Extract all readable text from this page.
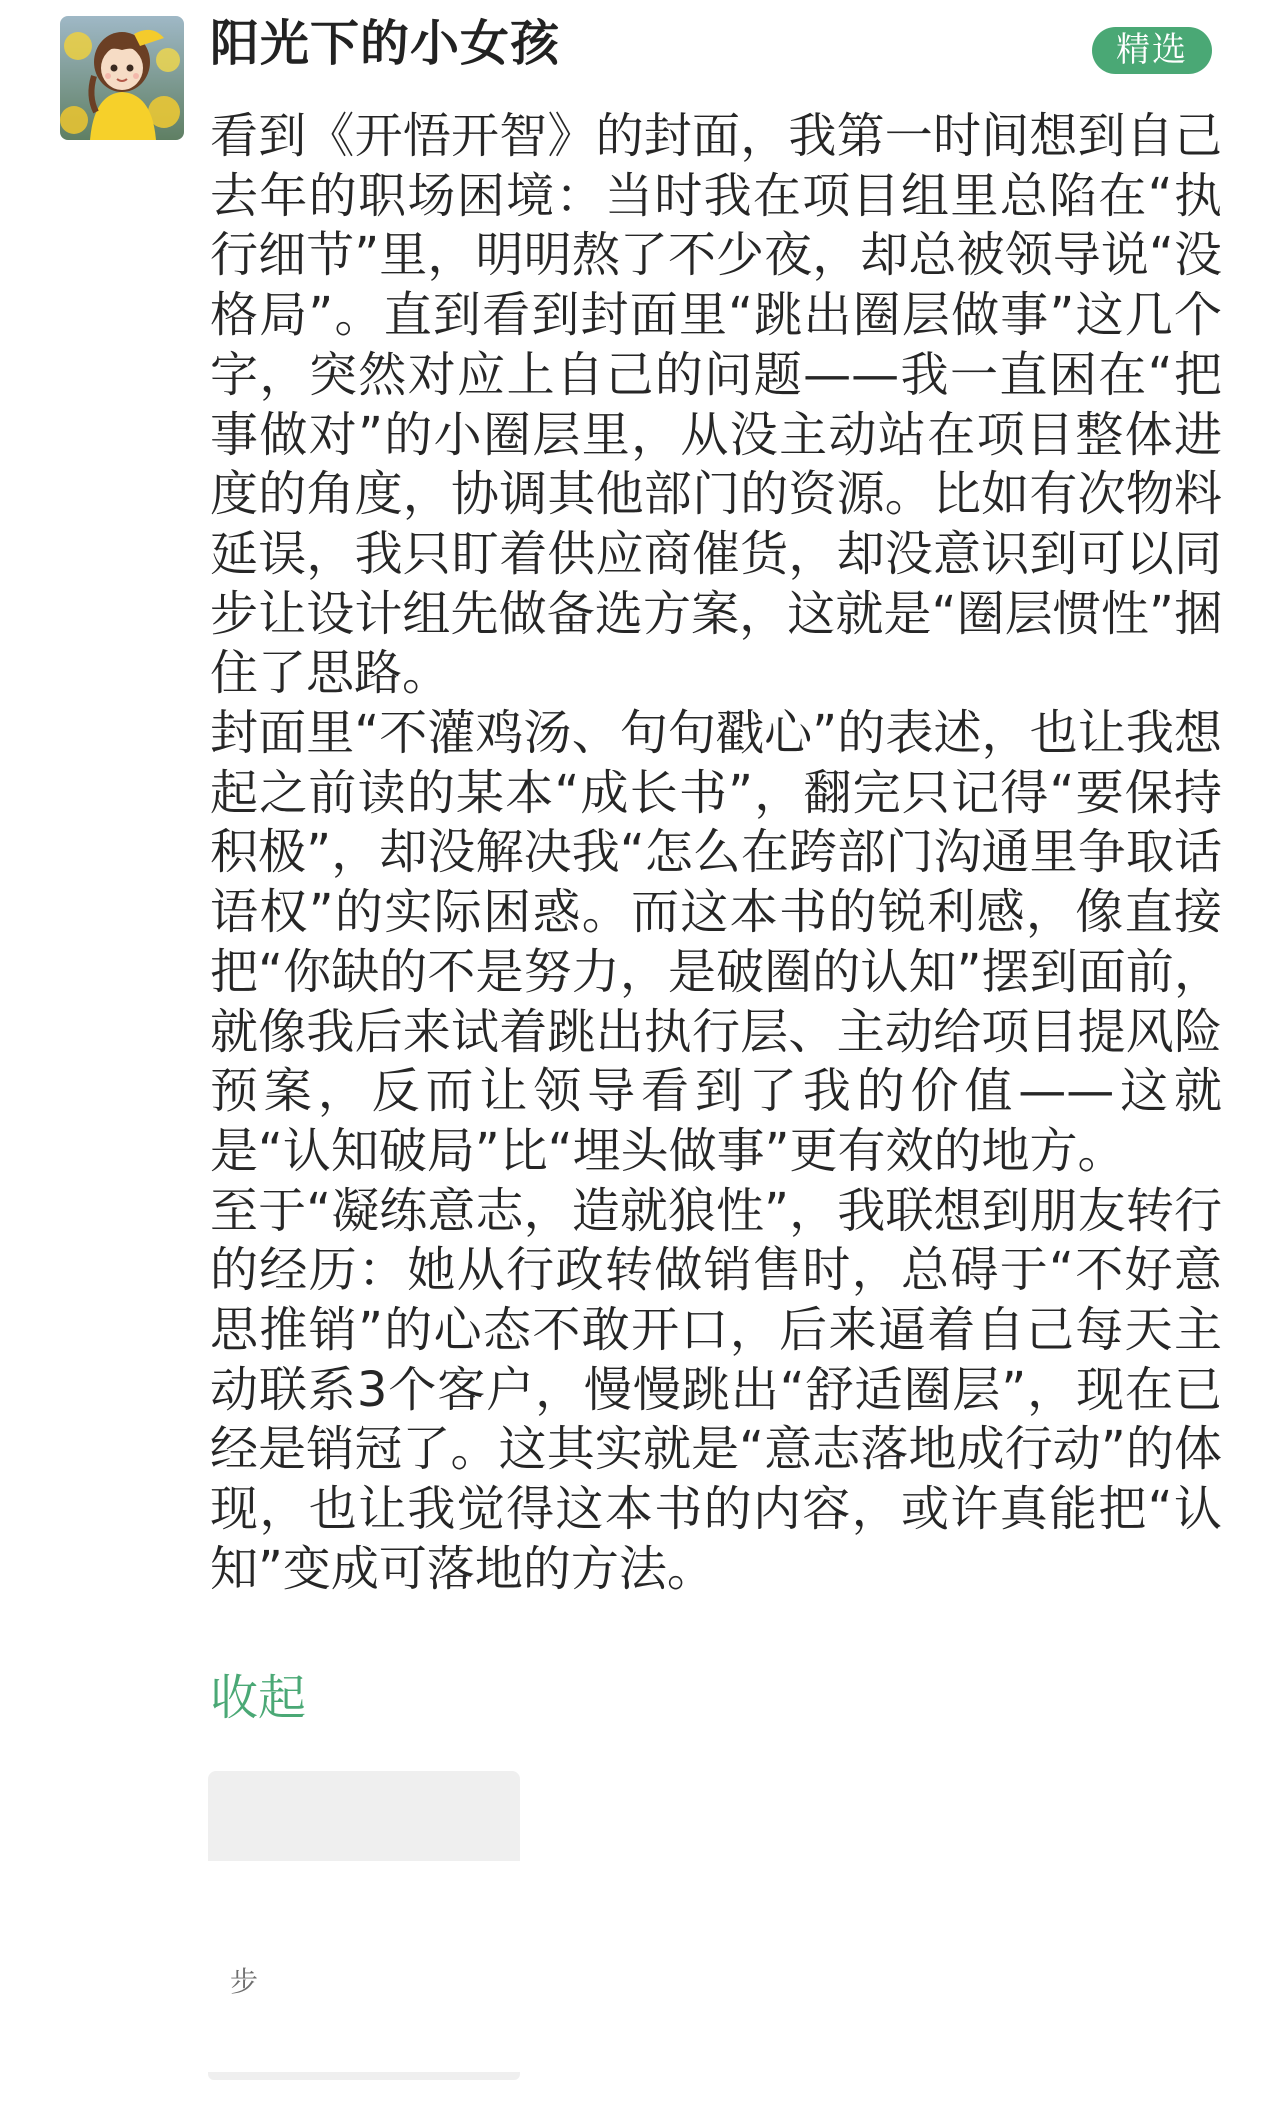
阳光下的小女孩	精选

看到《开悟开智》的封面，我第一时间想到自己去年的职场困境：当时我在项目组里总陷在“执行细节”里，明明熬了不少夜，却总被领导说“没格局”。直到看到封面里“跳出圈层做事”这几个字，突然对应上自己的问题——我一直困在“把事做对”的小圈层里，从没主动站在项目整体进度的角度，协调其他部门的资源。比如有次物料延误，我只盯着供应商催货，却没意识到可以同步让设计组先做备选方案，这就是“圈层惯性”捆住了思路。

封面里“不灌鸡汤、句句戳心”的表述，也让我想起之前读的某本“成长书”，翻完只记得“要保持积极”，却没解决我“怎么在跨部门沟通里争取话语权”的实际困惑。而这本书的锐利感，像直接把“你缺的不是努力，是破圈的认知”摆到面前，就像我后来试着跳出执行层、主动给项目提风险预案，反而让领导看到了我的价值——这就是“认知破局”比“埋头做事”更有效的地方。

至于“凝练意志，造就狼性”，我联想到朋友转行的经历：她从行政转做销售时，总碍于“不好意思推销”的心态不敢开口，后来逼着自己每天主动联系3个客户，慢慢跳出“舒适圈层”，现在已经是销冠了。这其实就是“意志落地成行动”的体现，也让我觉得这本书的内容，或许真能把“认知”变成可落地的方法。

收起
步
